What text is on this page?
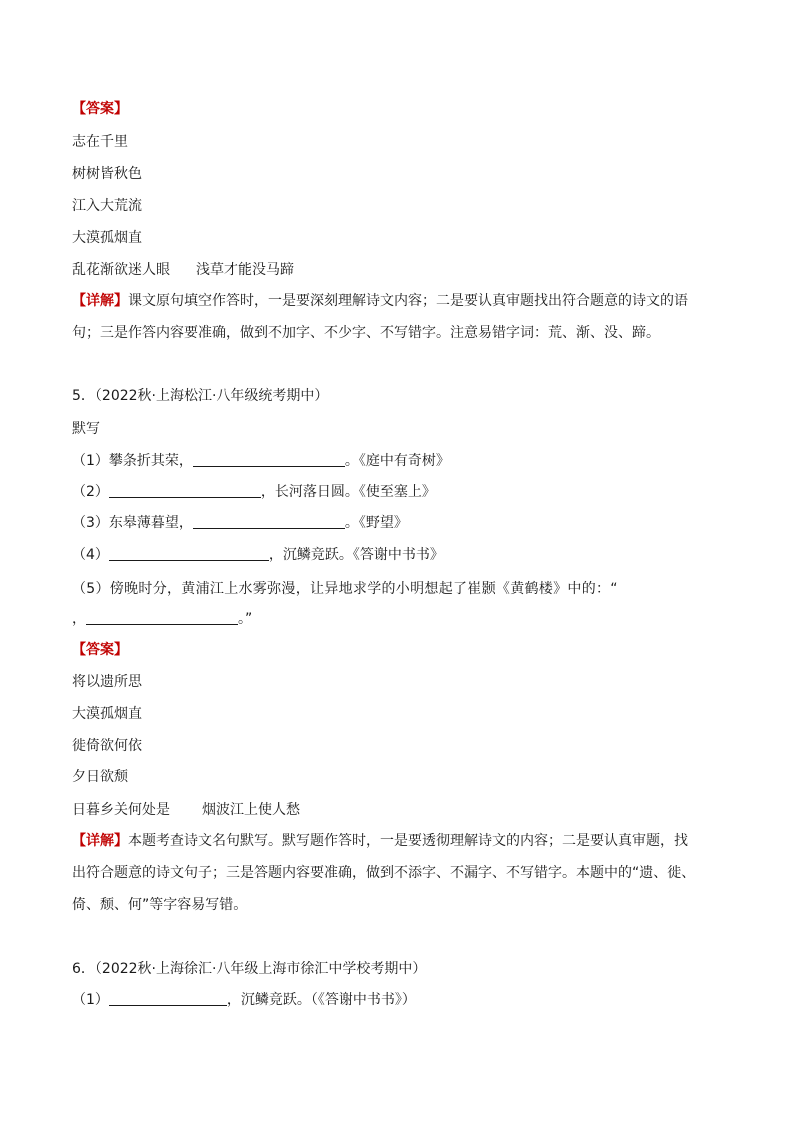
【答案】
志在千里
树树皆秋色
江入大荒流
大漠孤烟直
乱花渐欲迷人眼 浅草才能没马蹄
【详解】课文原句填空作答时，一是要深刻理解诗文内容；二是要认真审题找出符合题意的诗文的语
句；三是作答内容要准确，做到不加字、不少字、不写错字。注意易错字词：荒、渐、没、蹄。
5．（2022秋·上海松江·八年级统考期中）
默写
（1）攀条折其荣，	。《庭中有奇树》
（2）	，长河落日圆。《使至塞上》
（3）东皋薄暮望，	。《野望》
（4）	，沉鳞竞跃。《答谢中书书》
（5）傍晚时分，黄浦江上水雾弥漫，让异地求学的小明想起了崔颢《黄鹤楼》中的：“
，	。”
【答案】
将以遗所思
大漠孤烟直
徙倚欲何依
夕日欲颓
日暮乡关何处是 烟波江上使人愁
【详解】本题考查诗文名句默写。默写题作答时，一是要透彻理解诗文的内容；二是要认真审题，找
出符合题意的诗文句子；三是答题内容要准确，做到不添字、不漏字、不写错字。本题中的“遗、徙、
倚、颓、何”等字容易写错。
6．（2022秋·上海徐汇·八年级上海市徐汇中学校考期中）
（1）	，沉鳞竞跃。（《答谢中书书》）
